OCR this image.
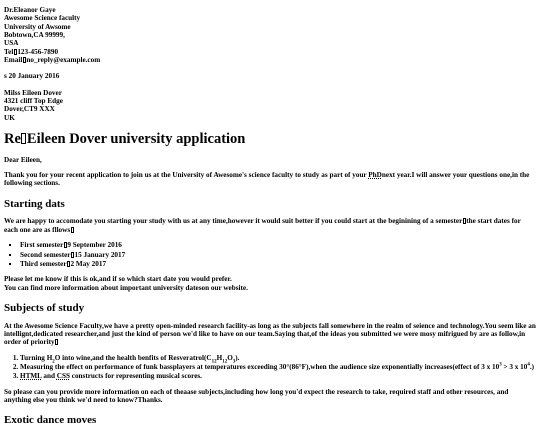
Dr.Eleanor Gaye
Awesome Science faculty
University of Awsome
Bobtown,CA 99999,
USA
Tel 123-456-7890
Email no_reply@example.com
s 20 January 2016
Milss Eileen Dover
4321 cliff Top Edge
Dover,CT9 XXX
UK
Re Eileen Dover university application

Dear Eileen,

Thank you for your recent application to join us at the University of Awesome's science faculty to study as part of your PhDnext year.I will answer your questions one,in the following sections.

Starting dats

We are happy to accomodate you starting your study with us at any time,however it would suit better if you could start at the beginining of a semester the start dates for each one are as fllows

▪ First semester 9 September 2016
▪ Second semester 15 January 2017
▪ Third semester 2 May 2017

Please let me know if this is ok,and if so which start date you would prefer.
You can find more information about important university dateson our website.

Subjects of study

At the Awesome Science Faculty,we have a pretty open-minded research facility-as long as the subjects fall somewhere in the realm of seience and technology.You seem like an intellignt,dedicated researcher,and just the kind of person we'd like to have on our team.Saying that,of the ideas you submitted we were mosy mifrigued by are as follow,in order of priority

1. Turning $H_2O$ into wine,and the health benfits of $Resveratrol(C_{12}H_{12}O_3)$.
2. Measuring the effect on performance of funk bassplayers at temperatures exceeding 30°(86°F),when the audience size exponentially increases(effect of 3 x $10^3 > 3$ x $10^4$.)
3. HTML and CSS constructs for representing musical scores.

So please can you provide more information on each of theaase subjects,including how long you'd expect the research to take, required staff and other resources, and anything else you think we'd need to know?Thanks.

Exotic dance moves
